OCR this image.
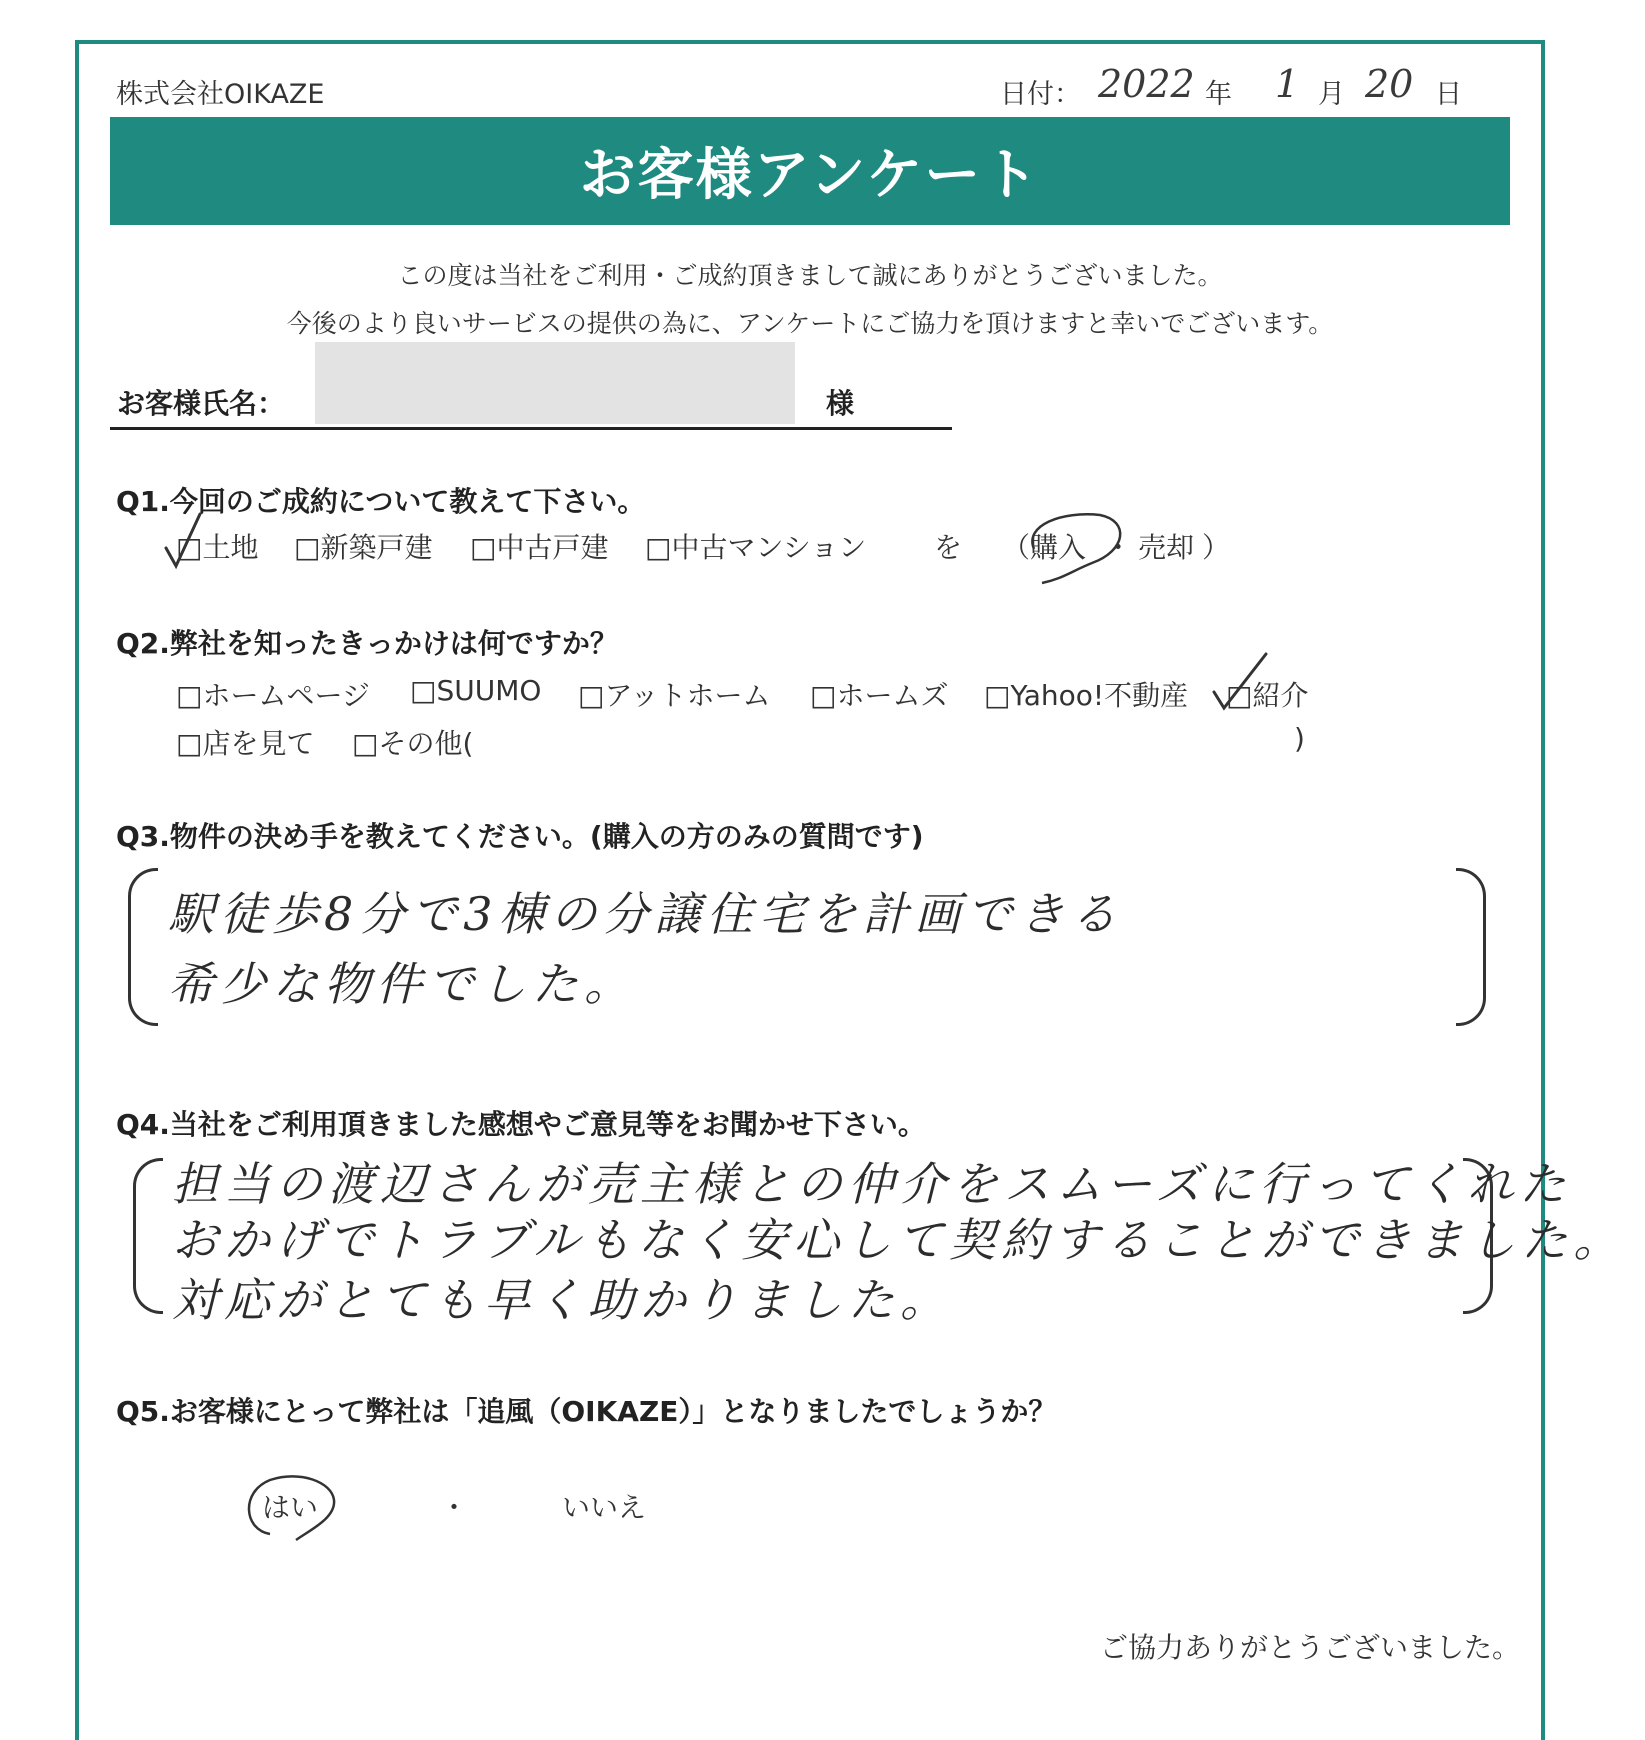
株式会社OIKAZE	日付： 2022 年 1 月 20 日
お客様アンケート
この度は当社をご利用・ご成約頂きまして誠にありがとうございました。
今後のより良いサービスの提供の為に、アンケートにご協力を頂けますと幸いでございます。
お客様氏名：	様
Q1.今回のご成約について教えて下さい。
□土地 □新築戸建 □中古戸建 □中古マンション を （ 購入 ・ 売却 ）
Q2.弊社を知ったきっかけは何ですか？
□ホームページ □SUUMO □アットホーム □ホームズ □Yahoo!不動産 □紹介
□店を見て □その他(	)
Q3.物件の決め手を教えてください。(購入の方のみの質問です)
駅徒歩8分で3棟の分譲住宅を計画できる
希少な物件でした。
Q4.当社をご利用頂きました感想やご意見等をお聞かせ下さい。
担当の渡辺さんが売主様との仲介をスムーズに行ってくれた
おかげでトラブルもなく安心して契約することができました。
対応がとても早く助かりました。
Q5.お客様にとって弊社は「追風（OIKAZE）」となりましたでしょうか？
はい	・	いいえ
ご協力ありがとうございました。
